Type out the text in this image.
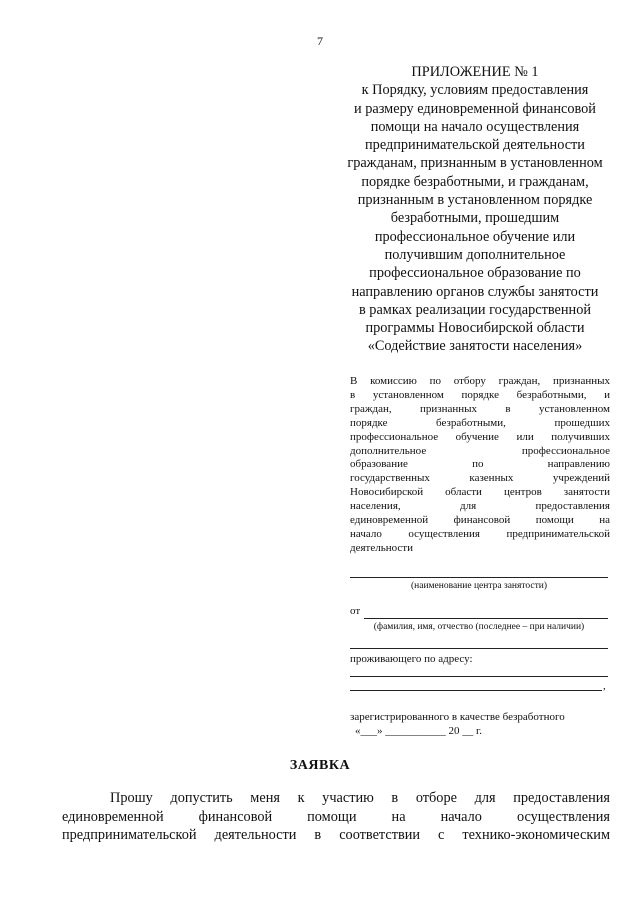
7
ПРИЛОЖЕНИЕ № 1
к Порядку, условиям предоставления
и размеру единовременной финансовой
помощи на начало осуществления
предпринимательской деятельности
гражданам, признанным в установленном
порядке безработными, и гражданам,
признанным в установленном порядке
безработными, прошедшим
профессиональное обучение или
получившим дополнительное
профессиональное образование по
направлению органов службы занятости
в рамках реализации государственной
программы Новосибирской области
«Содействие занятости населения»
В комиссию по отбору граждан, признанных
в установленном порядке безработными, и
граждан, признанных в установленном
порядке безработными, прошедших
профессиональное обучение или получивших
дополнительное профессиональное
образование по направлению
государственных казенных учреждений
Новосибирской области центров занятости
населения, для предоставления
единовременной финансовой помощи на
начало осуществления предпринимательской
деятельности
(наименование центра занятости)
от
(фамилия, имя, отчество (последнее – при наличии)
проживающего по адресу:
,
зарегистрированного в качестве безработного
«___» ___________ 20 __ г.
ЗАЯВКА
Прошу допустить меня к участию в отборе для предоставления
единовременной финансовой помощи на начало осуществления
предпринимательской деятельности в соответствии с технико-экономическим
